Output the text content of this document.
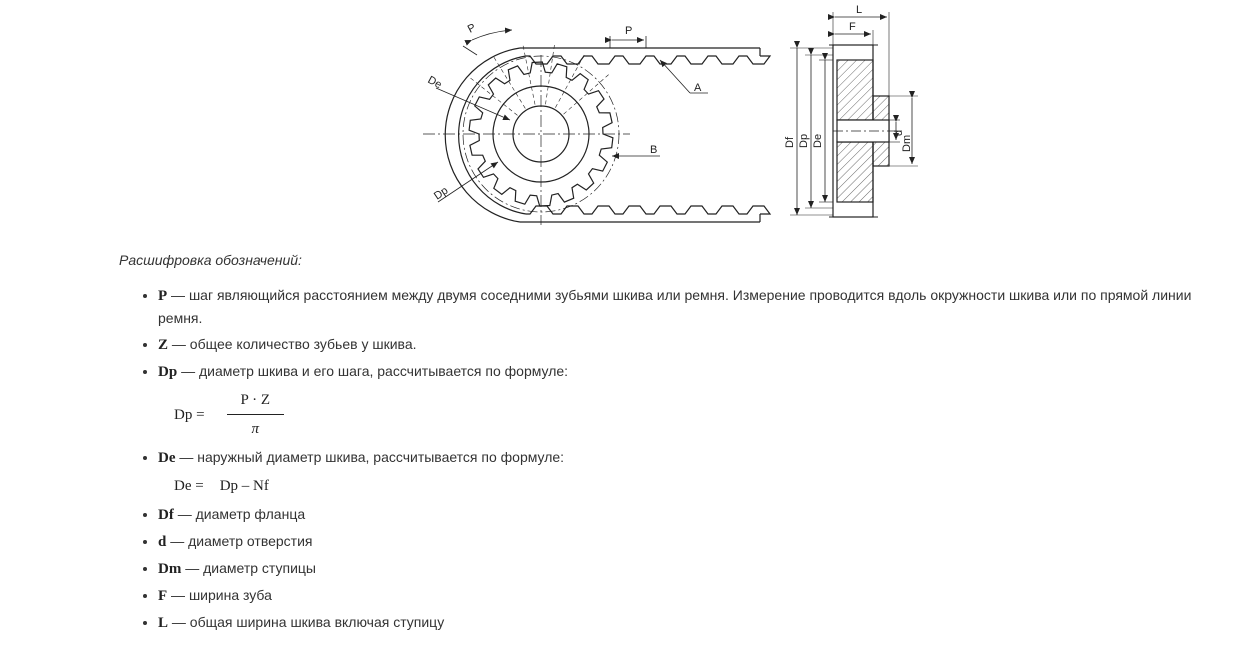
P	P
De
Dp
A
B
L
F
Df Dp De
d
Dm

Расшифровка обозначений:

• P — шаг являющийся расстоянием между двумя соседними зубьями шкива или ремня. Измерение проводится вдоль окружности шкива или по прямой линии ремня.
• Z — общее количество зубьев у шкива.
• Dp — диаметр шкива и его шага, рассчитывается по формуле:
$Dp = \frac{P \cdot Z}{\pi}$
• De — наружный диаметр шкива, рассчитывается по формуле:
De = Dp – Nf
• Df — диаметр фланца
• d — диаметр отверстия
• Dm — диаметр ступицы
• F — ширина зуба
• L — общая ширина шкива включая ступицу
